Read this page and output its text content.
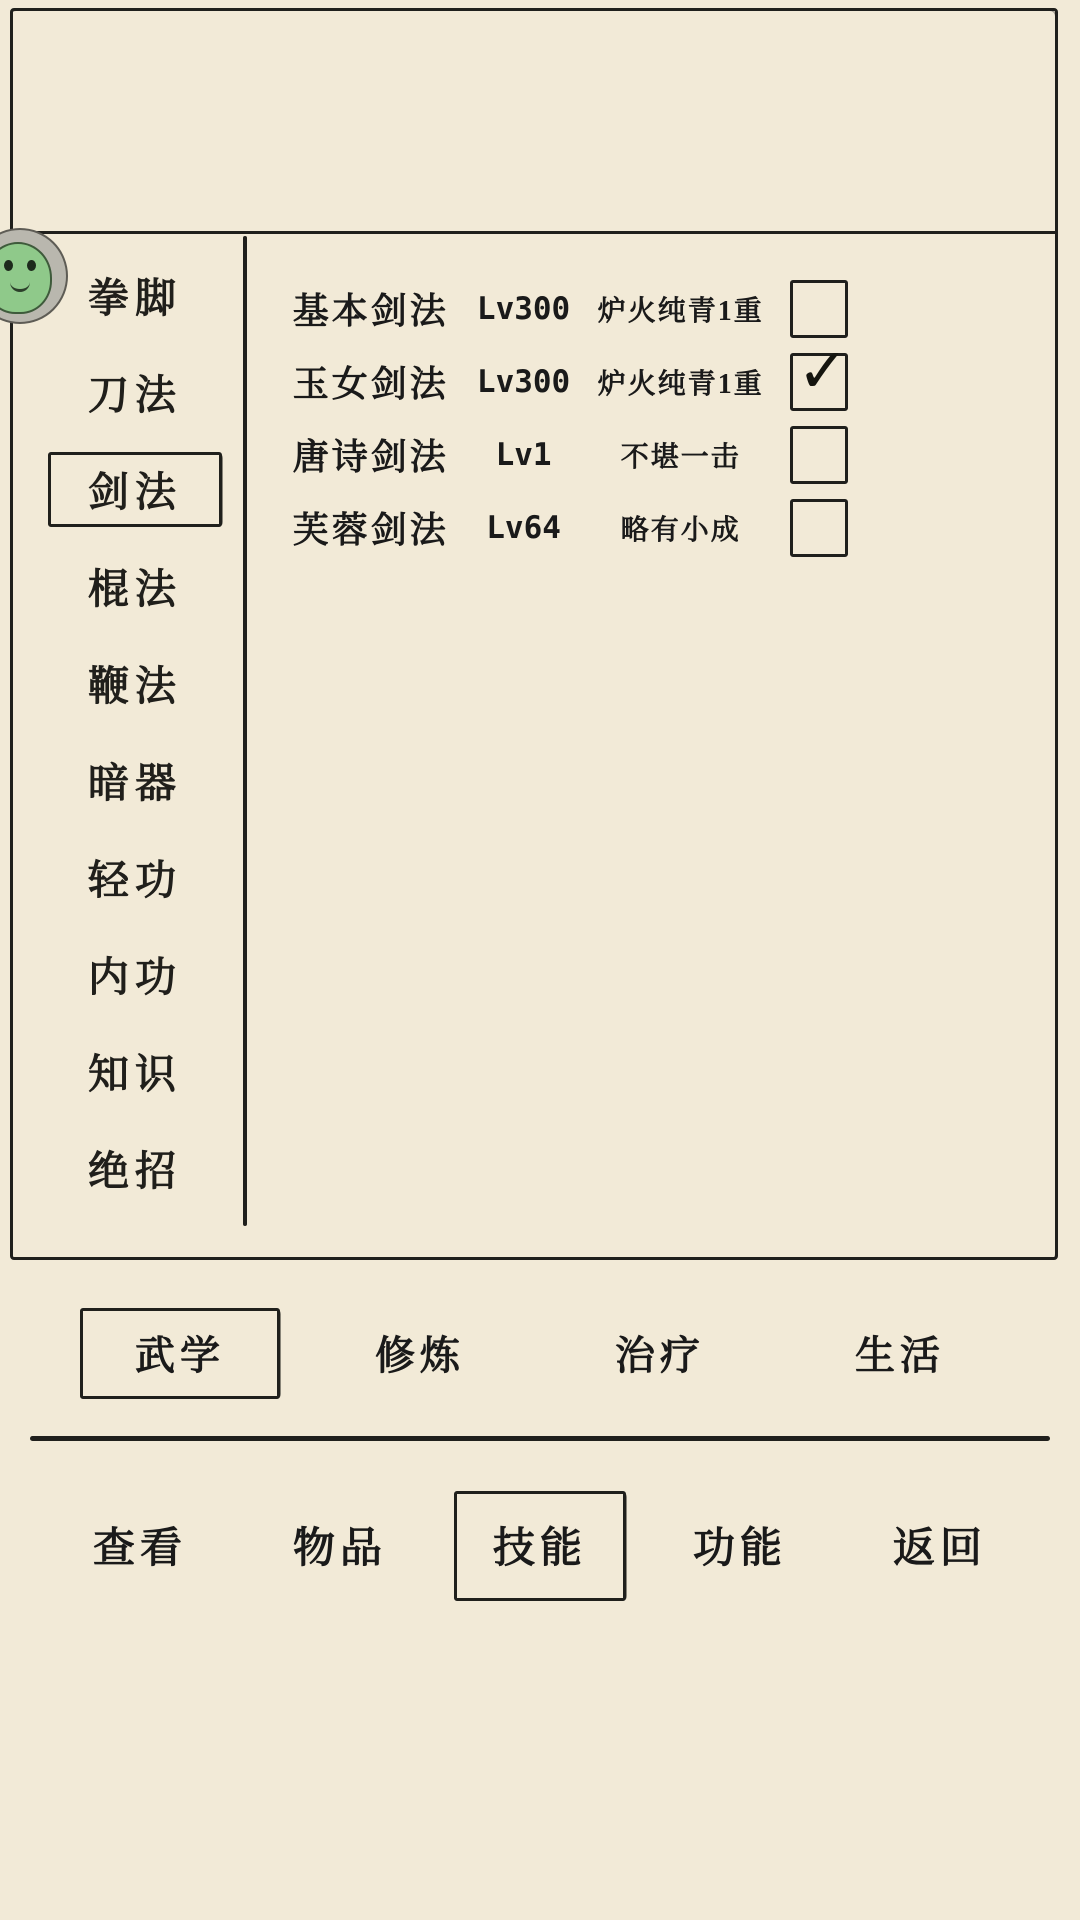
拳脚
刀法
剑法
棍法
鞭法
暗器
轻功
内功
知识
绝招
基本剑法 Lv300 炉火纯青1重
玉女剑法 Lv300 炉火纯青1重 ✓
唐诗剑法	Lv1	不堪一击
芙蓉剑法	Lv64	略有小成
武学	修炼	治疗	生活
查看	物品	技能	功能	返回
